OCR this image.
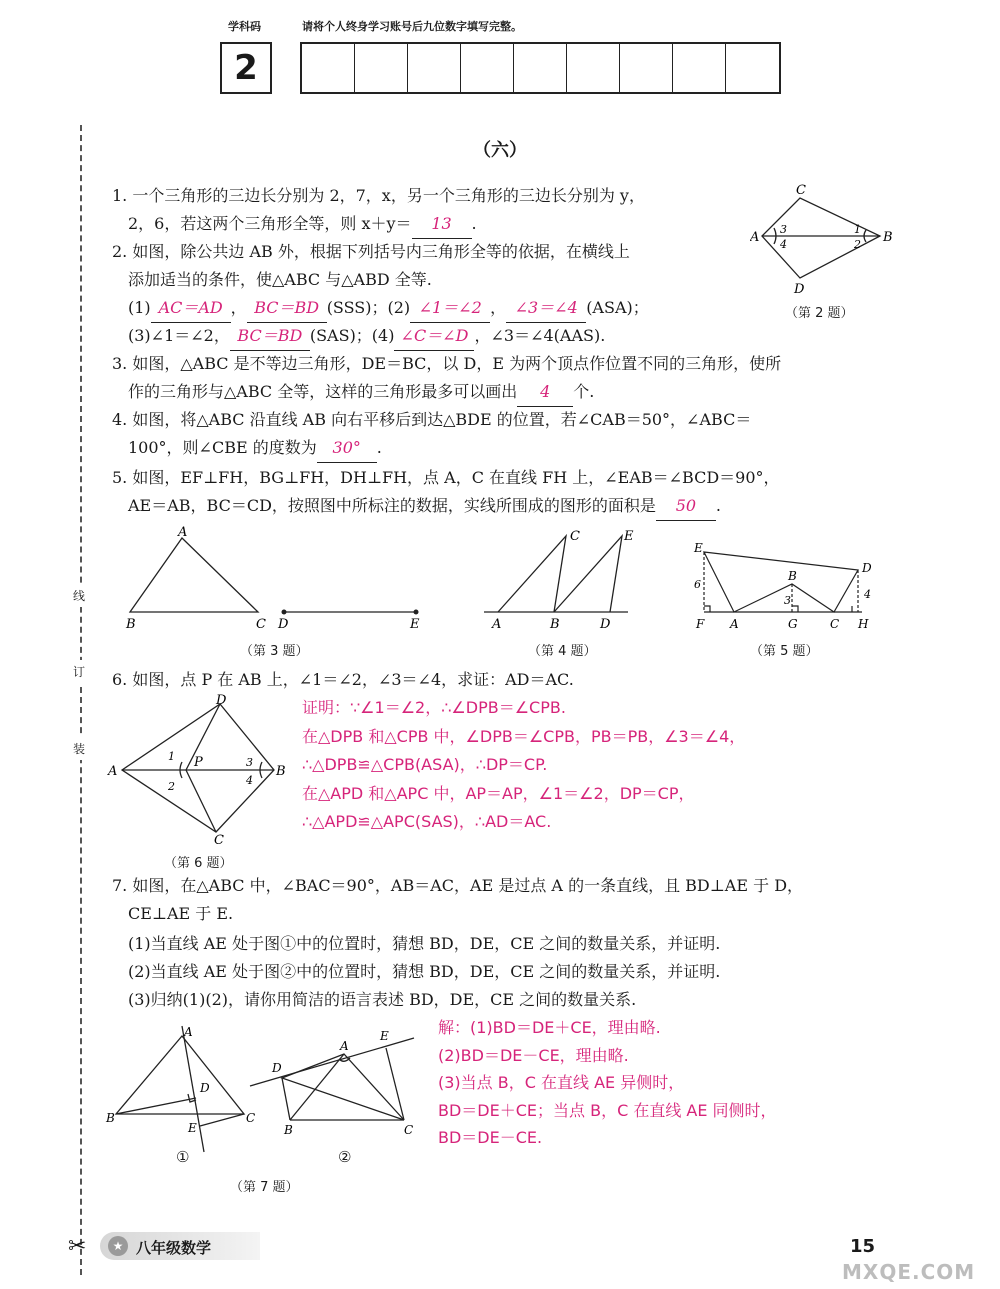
学科码	请将个人终身学习账号后九位数字填写完整。
2
线
订
装
（六）
1. 一个三角形的三边长分别为 2，7，x，另一个三角形的三边长分别为 y，
2，6，若这两个三角形全等，则 x＋y＝ 13 .
2. 如图，除公共边 AB 外，根据下列括号内三角形全等的依据，在横线上
添加适当的条件，使△ABC 与△ABD 全等.
(1) AC＝AD ， BC＝BD (SSS)；(2) ∠1＝∠2 ， ∠3＝∠4 (ASA)；
(3)∠1＝∠2， BC＝BD (SAS)；(4) ∠C＝∠D ，∠3＝∠4(AAS).
C
A	B
D
3
4
1
2
（第 2 题）
3. 如图，△ABC 是不等边三角形，DE＝BC，以 D，E 为两个顶点作位置不同的三角形，使所
作的三角形与△ABC 全等，这样的三角形最多可以画出 4 个.
4. 如图，将△ABC 沿直线 AB 向右平移后到达△BDE 的位置，若∠CAB＝50°，∠ABC＝
100°，则∠CBE 的度数为 30° .
5. 如图，EF⊥FH，BG⊥FH，DH⊥FH，点 A，C 在直线 FH 上，∠EAB＝∠BCD＝90°，
AE＝AB，BC＝CD，按照图中所标注的数据，实线所围成的图形的面积是 50 .
A
B	C D	E
（第 3 题）
A	B	D
C	E
（第 4 题）
E
D
B
F A	G	C H
6
3	4
（第 5 题）
6. 如图，点 P 在 AB 上，∠1＝∠2，∠3＝∠4，求证：AD＝AC.
D
A
P
B
C
1
2
3
4
（第 6 题）
证明：∵∠1＝∠2，∴∠DPB＝∠CPB.
在△DPB 和△CPB 中，∠DPB＝∠CPB，PB＝PB，∠3＝∠4，
∴△DPB≌△CPB(ASA)，∴DP＝CP.
在△APD 和△APC 中，AP＝AP，∠1＝∠2，DP＝CP，
∴△APD≌△APC(SAS)，∴AD＝AC.
7. 如图，在△ABC 中，∠BAC＝90°，AB＝AC，AE 是过点 A 的一条直线，且 BD⊥AE 于 D，
CE⊥AE 于 E.
(1)当直线 AE 处于图①中的位置时，猜想 BD，DE，CE 之间的数量关系，并证明.
(2)当直线 AE 处于图②中的位置时，猜想 BD，DE，CE 之间的数量关系，并证明.
(3)归纳(1)(2)，请你用简洁的语言表述 BD，DE，CE 之间的数量关系.
A
B	C
D
E
A
D
E
B	C
①	②
（第 7 题）
解：(1)BD＝DE＋CE，理由略.
(2)BD＝DE－CE，理由略.
(3)当点 B，C 在直线 AE 异侧时，
BD＝DE＋CE；当点 B，C 在直线 AE 同侧时，
BD＝DE－CE.
✂	★ 八年级数学	15
MXQE.COM
